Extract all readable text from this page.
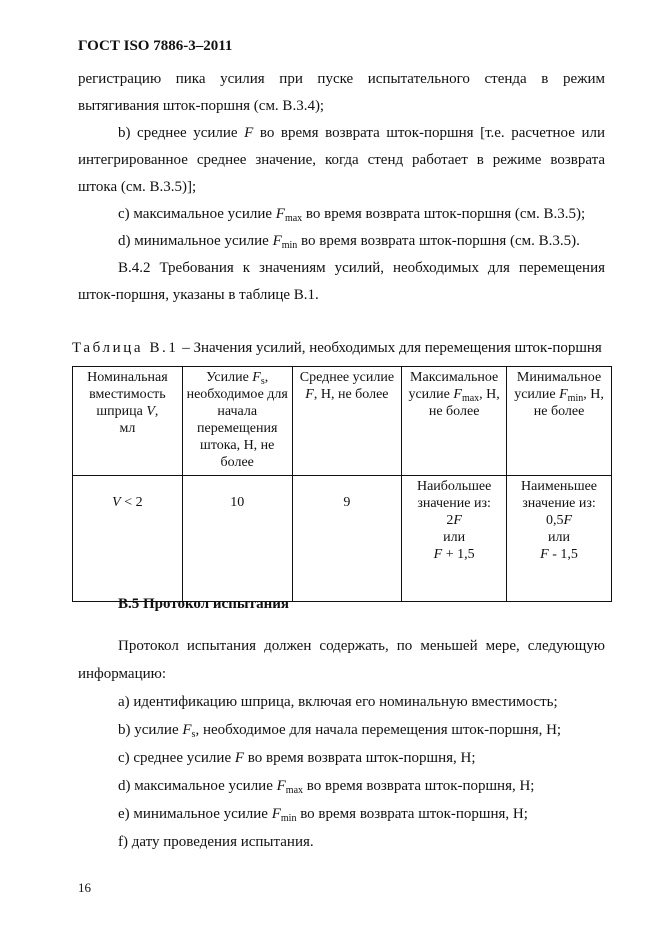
ГОСТ ISO 7886-3–2011

регистрацию пика усилия при пуске испытательного стенда в режим

вытягивания шток-поршня (см. В.3.4);

b) среднее усилие F во время возврата шток-поршня [т.е. расчетное или

интегрированное среднее значение, когда стенд работает в режиме возврата

штока (см. В.3.5)];

c) максимальное усилие $F_{max}$ во время возврата шток-поршня (см. В.3.5);

d) минимальное усилие $F_{min}$ во время возврата шток-поршня (см. В.3.5).

В.4.2 Требования к значениям усилий, необходимых для перемещения

шток-поршня, указаны в таблице В.1.

Таблица В.1 – Значения усилий, необходимых для перемещения шток-поршня
Номинальная вместимость шприца V,
мл	Усилие $F_s$, необходимое для начала перемещения штока, Н, не более	Среднее усилие F, Н, не более	Максимальное усилие $F_{max}$, Н, не более	Минимальное усилие $F_{min}$, Н, не более
V < 2	10	9	Наибольшее значение из:
2F
или
F + 1,5	Наименьшее значение из:
0,5F
или
F - 1,5
В.5 Протокол испытания

Протокол испытания должен содержать, по меньшей мере, следующую

информацию:

а) идентификацию шприца, включая его номинальную вместимость;

b) усилие $F_s$, необходимое для начала перемещения шток-поршня, Н;

c) среднее усилие F во время возврата шток-поршня, Н;

d) максимальное усилие $F_{max}$ во время возврата шток-поршня, Н;

e) минимальное усилие $F_{min}$ во время возврата шток-поршня, Н;

f) дату проведения испытания.

16
